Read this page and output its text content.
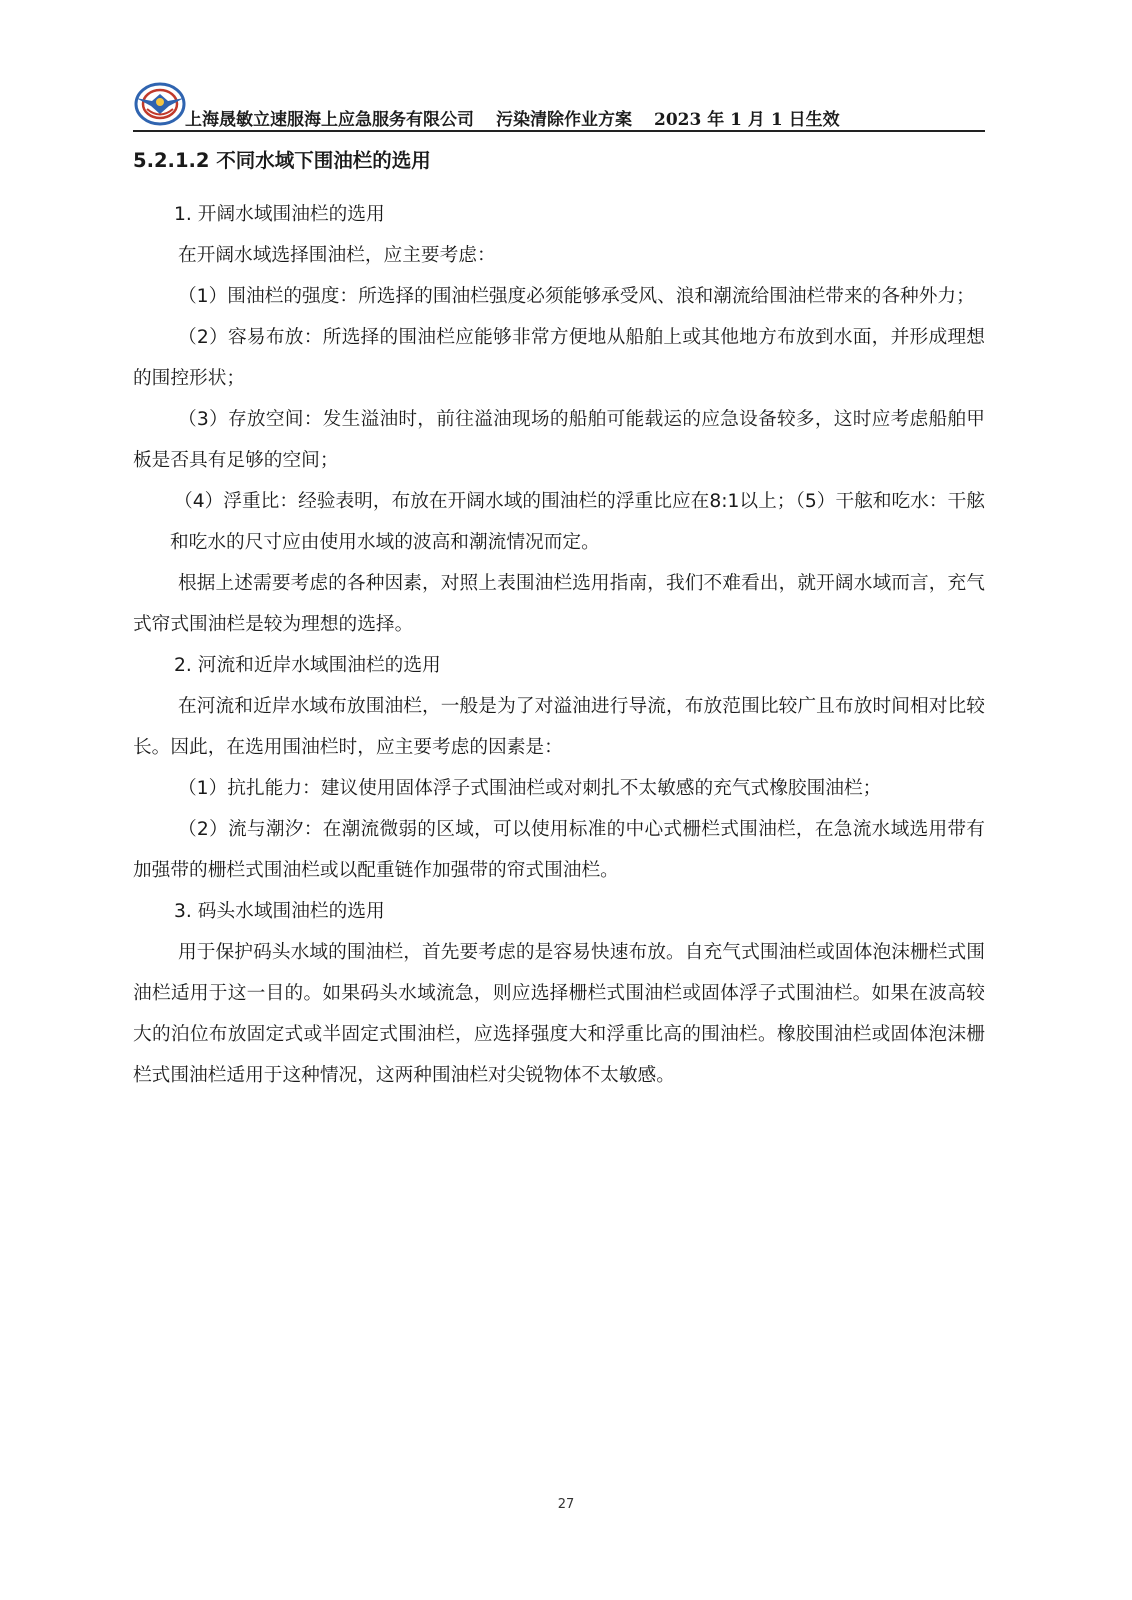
上海晟敏立速服海上应急服务有限公司 污染清除作业方案 2023 年 1 月 1 日生效
5.2.1.2 不同水域下围油栏的选用

1. 开阔水域围油栏的选用

在开阔水域选择围油栏，应主要考虑：

（1）围油栏的强度：所选择的围油栏强度必须能够承受风、浪和潮流给围油栏带来的各种外力；

（2）容易布放：所选择的围油栏应能够非常方便地从船舶上或其他地方布放到水面，并形成理想的围控形状；

（3）存放空间：发生溢油时，前往溢油现场的船舶可能载运的应急设备较多，这时应考虑船舶甲板是否具有足够的空间；

（4）浮重比：经验表明，布放在开阔水域的围油栏的浮重比应在8:1以上；（5）干舷和吃水：干舷和吃水的尺寸应由使用水域的波高和潮流情况而定。

根据上述需要考虑的各种因素，对照上表围油栏选用指南，我们不难看出，就开阔水域而言，充气式帘式围油栏是较为理想的选择。

2. 河流和近岸水域围油栏的选用

在河流和近岸水域布放围油栏，一般是为了对溢油进行导流，布放范围比较广且布放时间相对比较长。因此，在选用围油栏时，应主要考虑的因素是：

（1）抗扎能力：建议使用固体浮子式围油栏或对刺扎不太敏感的充气式橡胶围油栏；

（2）流与潮汐：在潮流微弱的区域，可以使用标准的中心式栅栏式围油栏，在急流水域选用带有加强带的栅栏式围油栏或以配重链作加强带的帘式围油栏。

3. 码头水域围油栏的选用

用于保护码头水域的围油栏，首先要考虑的是容易快速布放。自充气式围油栏或固体泡沫栅栏式围油栏适用于这一目的。如果码头水域流急，则应选择栅栏式围油栏或固体浮子式围油栏。如果在波高较大的泊位布放固定式或半固定式围油栏，应选择强度大和浮重比高的围油栏。橡胶围油栏或固体泡沫栅栏式围油栏适用于这种情况，这两种围油栏对尖锐物体不太敏感。

27
